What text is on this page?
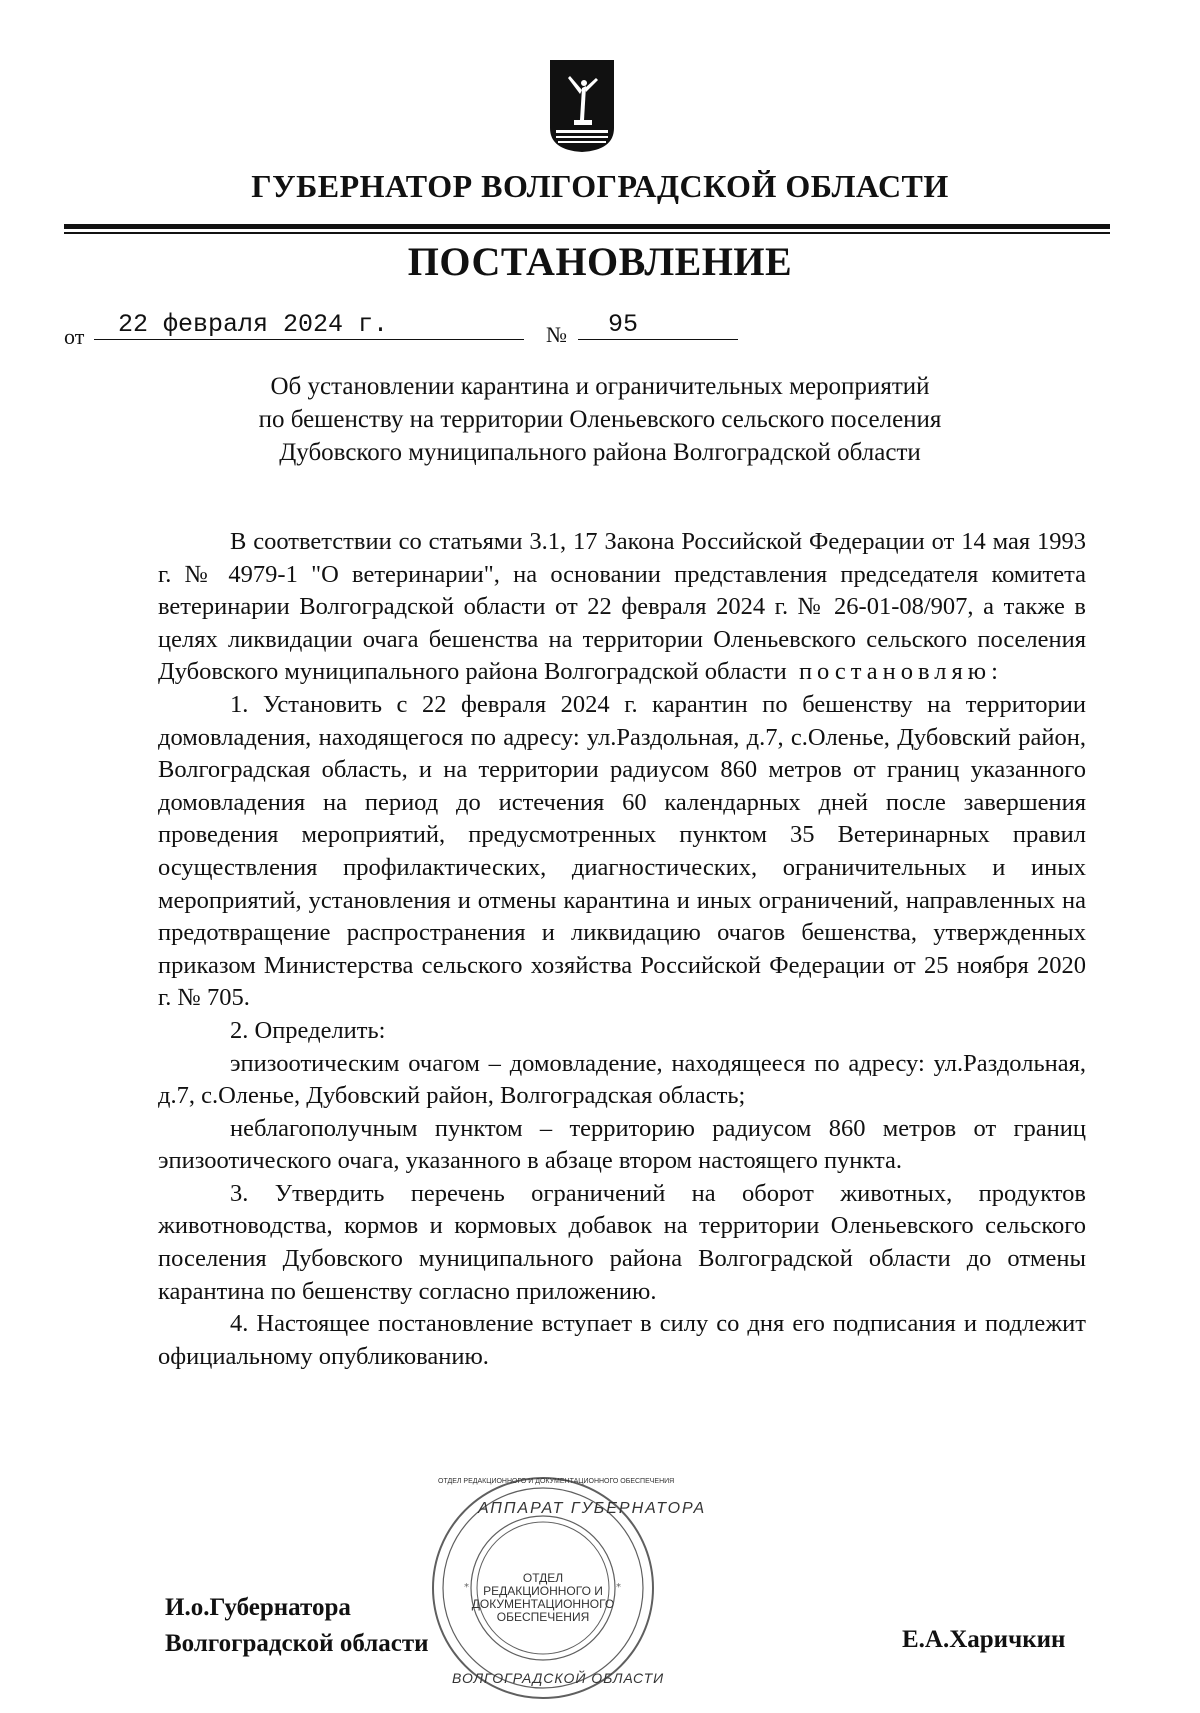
ГУБЕРНАТОР ВОЛГОГРАДСКОЙ ОБЛАСТИ
ПОСТАНОВЛЕНИЕ
от	22 февраля 2024 г.	№	95
Об установлении карантина и ограничительных мероприятий
по бешенству на территории Оленьевского сельского поселения
Дубовского муниципального района Волгоградской области

В соответствии со статьями 3.1, 17 Закона Российской Федерации от 14 мая 1993 г. № 4979-1 "О ветеринарии", на основании представления председателя комитета ветеринарии Волгоградской области от 22 февраля 2024 г. № 26-01-08/907, а также в целях ликвидации очага бешенства на территории Оленьевского сельского поселения Дубовского муниципального района Волгоградской области постановляю:

1. Установить с 22 февраля 2024 г. карантин по бешенству на территории домовладения, находящегося по адресу: ул.Раздольная, д.7, с.Оленье, Дубовский район, Волгоградская область, и на территории радиусом 860 метров от границ указанного домовладения на период до истечения 60 календарных дней после завершения проведения мероприятий, предусмотренных пунктом 35 Ветеринарных правил осуществления профилактических, диагностических, ограничительных и иных мероприятий, установления и отмены карантина и иных ограничений, направленных на предотвращение распространения и ликвидацию очагов бешенства, утвержденных приказом Министерства сельского хозяйства Российской Федерации от 25 ноября 2020 г. № 705.

2. Определить:

эпизоотическим очагом – домовладение, находящееся по адресу: ул.Раздольная, д.7, с.Оленье, Дубовский район, Волгоградская область;

неблагополучным пунктом – территорию радиусом 860 метров от границ эпизоотического очага, указанного в абзаце втором настоящего пункта.

3. Утвердить перечень ограничений на оборот животных, продуктов животноводства, кормов и кормовых добавок на территории Оленьевского сельского поселения Дубовского муниципального района Волгоградской области до отмены карантина по бешенству согласно приложению.

4. Настоящее постановление вступает в силу со дня его подписания и подлежит официальному опубликованию.

*
*
АППАРАТ ГУБЕРНАТОРА
ВОЛГОГРАДСКОЙ ОБЛАСТИ
ОТДЕЛ РЕДАКЦИОННОГО И ДОКУМЕНТАЦИОННОГО ОБЕСПЕЧЕНИЯ
ОТДЕЛ
РЕДАКЦИОННОГО И
ДОКУМЕНТАЦИОННОГО
ОБЕСПЕЧЕНИЯ
И.о.Губернатора
Волгоградской области	Е.А.Харичкин
